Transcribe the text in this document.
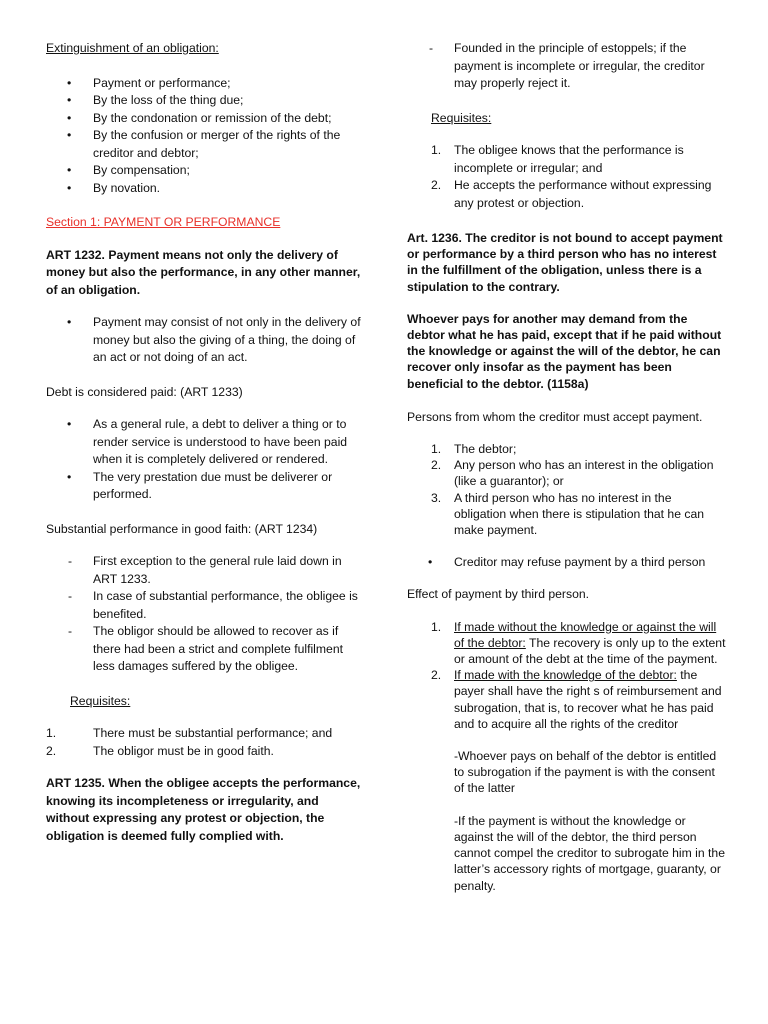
Extinguishment of an obligation:

• Payment or performance;
• By the loss of the thing due;
• By the condonation or remission of the debt;
• By the confusion or merger of the rights of the creditor and debtor;
• By compensation;
• By novation.

Section 1: PAYMENT OR PERFORMANCE

ART 1232. Payment means not only the delivery of money but also the performance, in any other manner, of an obligation.

• Payment may consist of not only in the delivery of money but also the giving of a thing, the doing of an act or not doing of an act.

Debt is considered paid: (ART 1233)

• As a general rule, a debt to deliver a thing or to render service is understood to have been paid when it is completely delivered or rendered.
• The very prestation due must be deliverer or performed.

Substantial performance in good faith: (ART 1234)

- First exception to the general rule laid down in ART 1233.
- In case of substantial performance, the obligee is benefited.
- The obligor should be allowed to recover as if there had been a strict and complete fulfilment less damages suffered by the obligee.

Requisites:

1.	There must be substantial performance; and
2.	The obligor must be in good faith.

ART 1235. When the obligee accepts the performance, knowing its incompleteness or irregularity, and without expressing any protest or objection, the obligation is deemed fully complied with.

- Founded in the principle of estoppels; if the payment is incomplete or irregular, the creditor may properly reject it.

Requisites:

1. The obligee knows that the performance is incomplete or irregular; and
2. He accepts the performance without expressing any protest or objection.

Art. 1236. The creditor is not bound to accept payment or performance by a third person who has no interest in the fulfillment of the obligation, unless there is a stipulation to the contrary.

Whoever pays for another may demand from the debtor what he has paid, except that if he paid without the knowledge or against the will of the debtor, he can recover only insofar as the payment has been beneficial to the debtor. (1158a)

Persons from whom the creditor must accept payment.

1. The debtor;
2. Any person who has an interest in the obligation (like a guarantor); or
3. A third person who has no interest in the obligation when there is stipulation that he can make payment.
• Creditor may refuse payment by a third person

Effect of payment by third person.

1. If made without the knowledge or against the will of the debtor: The recovery is only up to the extent or amount of the debt at the time of the payment.
2. If made with the knowledge of the debtor: the payer shall have the right s of reimbursement and subrogation, that is, to recover what he has paid and to acquire all the rights of the creditor

-Whoever pays on behalf of the debtor is entitled to subrogation if the payment is with the consent of the latter

-If the payment is without the knowledge or against the will of the debtor, the third person cannot compel the creditor to subrogate him in the latter’s accessory rights of mortgage, guaranty, or penalty.
